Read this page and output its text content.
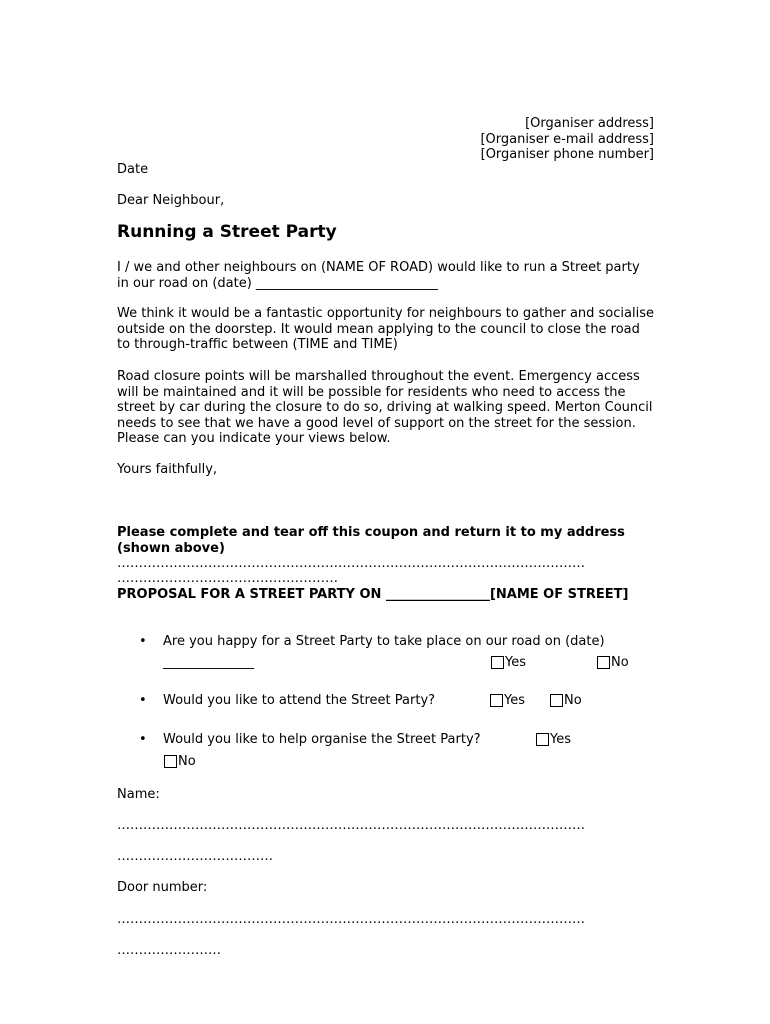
[Organiser address]
[Organiser e-mail address]
[Organiser phone number]
Date
Dear Neighbour,
Running a Street Party
I / we and other neighbours on (NAME OF ROAD) would like to run a Street party in our road on (date) ____________________________
We think it would be a fantastic opportunity for neighbours to gather and socialise outside on the doorstep. It would mean applying to the council to close the road to through-traffic between (TIME and TIME)
Road closure points will be marshalled throughout the event. Emergency access will be maintained and it will be possible for residents who need to access the street by car during the closure to do so, driving at walking speed. Merton Council needs to see that we have a good level of support on the street for the session. Please can you indicate your views below.
Yours faithfully,
Please complete and tear off this coupon and return it to my address (shown above)
………………………………………………………………………………………………
……………………………………………
PROPOSAL FOR A STREET PARTY ON ________________[NAME OF STREET]
• Are you happy for a Street Party to take place on our road on (date)
______________	Yes	No
• Would you like to attend the Street Party?	Yes	No
• Would you like to help organise the Street Party?	Yes
No
Name:
………………………………………………………………………………………………
………………………………
Door number:
………………………………………………………………………………………………
……………………
